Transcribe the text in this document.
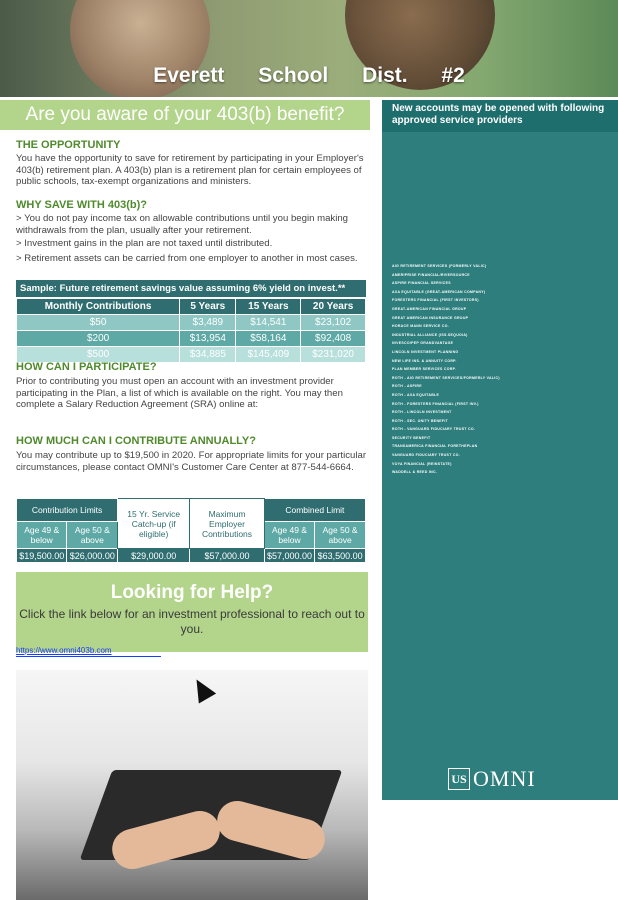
Everett School Dist. #2
Are you aware of your 403(b) benefit?
THE OPPORTUNITY
You have the opportunity to save for retirement by participating in your Employer's 403(b) retirement plan. A 403(b) plan is a retirement plan for certain employees of public schools, tax-exempt organizations and ministers.
WHY SAVE WITH 403(b)?
> You do not pay income tax on allowable contributions until you begin making withdrawals from the plan, usually after your retirement.
> Investment gains in the plan are not taxed until distributed.
> Retirement assets can be carried from one employer to another in most cases.
Sample: Future retirement savings value assuming 6% yield on invest.**
Monthly Contributions	5 Years	15 Years	20 Years
$50	$3,489	$14,541	$23,102
$200	$13,954	$58,164	$92,408
$500	$34,885	$145,409	$231,020
HOW CAN I PARTICIPATE?
Prior to contributing you must open an account with an investment provider participating in the Plan, a list of which is available on the right. You may then complete a Salary Reduction Agreement (SRA) online at:
HOW MUCH CAN I CONTRIBUTE ANNUALLY?
You may contribute up to $19,500 in 2020. For appropriate limits for your particular circumstances, please contact OMNI's Customer Care Center at 877-544-6664.
Contribution Limits		15 Yr. Service Catch-up (if eligible)	Maximum Employer Contributions	Combined Limit	
Age 49 & below	Age 50 & above			Age 49 & below	Age 50 & above
$19,500.00	$26,000.00	$29,000.00	$57,000.00	$57,000.00	$63,500.00
Looking for Help?
Click the link below for an investment professional to reach out to you.
https://www.omni403b.com
New accounts may be opened with following approved service providers
AIG RETIREMENT SERVICES (FORMERLY VALIC)
AMERIPRISE FINANCIAL/RIVERSOURCE
ASPIRE FINANCIAL SERVICES
AXA EQUITABLE (GREAT-AMERICAN COMPANY)
FORESTERS FINANCIAL (FIRST INVESTORS)
GREAT-AMERICAN FINANCIAL GROUP
GREAT AMERICAN INSURANCE GROUP
HORACE MANN SERVICE CO.
INDUSTRIAL ALLIANCE (ISS.SEQUOIA)
INVESCO/PEP GRANDVANTAGE
LINCOLN INVESTMENT PLANNING
NEW LIFE INS. & ANNUITY CORP.
PLAN MEMBER SERVICES CORP.
ROTH - AIG RETIREMENT SERVICES/FORMERLY VALIC)
ROTH - ASPIRE
ROTH - AXA EQUITABLE
ROTH - FORESTERS FINANCIAL (FIRST INV.)
ROTH - LINCOLN INVESTMENT
ROTH - SEC. UNITY BENEFIT
ROTH - VANGUARD FIDUCIARY TRUST CO.
SECURITY BENEFIT
TRANSAMERICA FINANCIAL FORETHEPLAN
VANGUARD FIDUCIARY TRUST CO.
VOYA FINANCIAL (REINSTATE)
WADDELL & REED INC.
US OMNI
